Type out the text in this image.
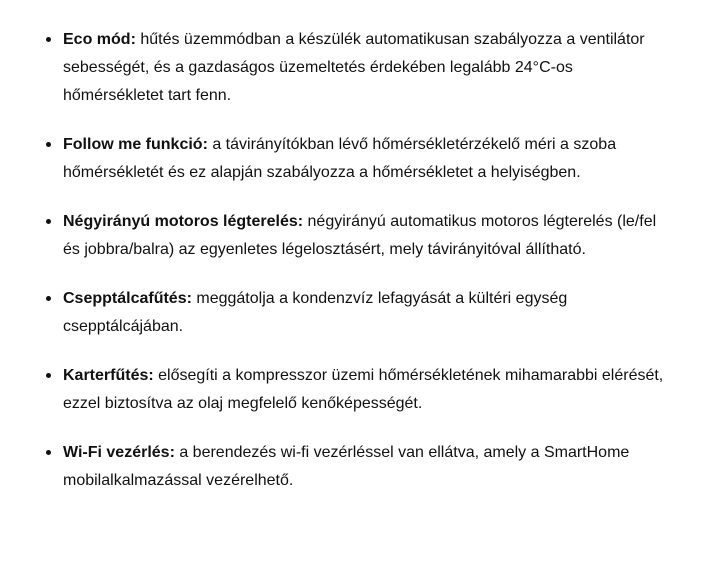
Eco mód: hűtés üzemmódban a készülék automatikusan szabályozza a ventilátor sebességét, és a gazdaságos üzemeltetés érdekében legalább 24°C-os hőmérsékletet tart fenn.
Follow me funkció: a távirányítókban lévő hőmérsékletérzékelő méri a szoba hőmérsékletét és ez alapján szabályozza a hőmérsékletet a helyiségben.
Négyirányú motoros légterelés: négyirányú automatikus motoros légterelés (le/fel és jobbra/balra) az egyenletes légelosztásért, mely távirányitóval állítható.
Csepptálcafűtés: meggátolja a kondenzvíz lefagyását a kültéri egység csepptálcájában.
Karterfűtés: elősegíti a kompresszor üzemi hőmérsékletének mihamarabbi elérését, ezzel biztosítva az olaj megfelelő kenőképességét.
Wi-Fi vezérlés: a berendezés wi-fi vezérléssel van ellátva, amely a SmartHome mobilalkalmazással vezérelhető.
